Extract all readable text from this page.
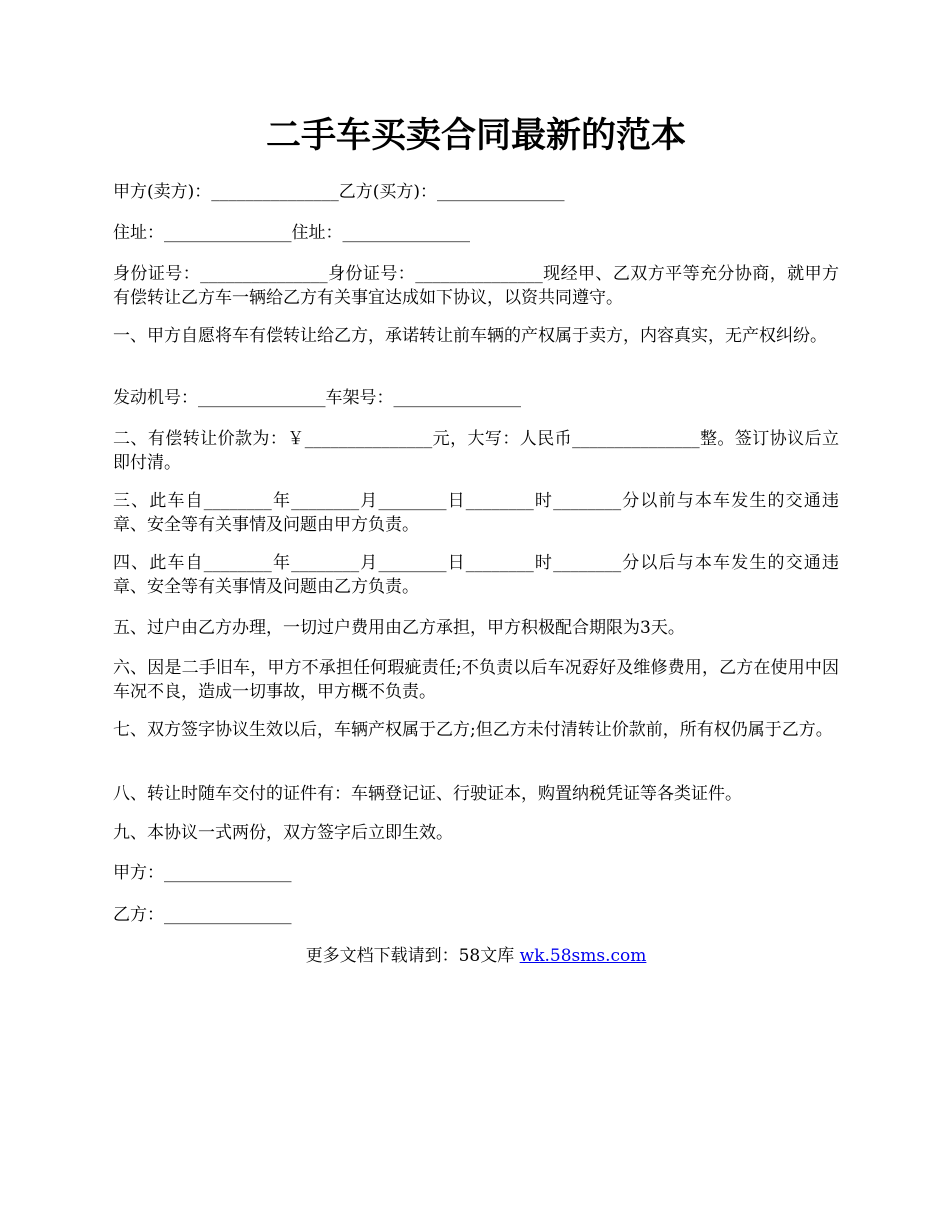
二手车买卖合同最新的范本
甲方(卖方)：_______________乙方(买方)：_______________
住址：_______________住址：_______________
身份证号：_______________身份证号：_______________现经甲、乙双方平等充分协商，就甲方有偿转让乙方车一辆给乙方有关事宜达成如下协议，以资共同遵守。
一、甲方自愿将车有偿转让给乙方，承诺转让前车辆的产权属于卖方，内容真实，无产权纠纷。
发动机号：_______________车架号：_______________
二、有偿转让价款为：￥_______________元，大写：人民币_______________整。签订协议后立即付清。
三、此车自________年________月________日________时________分以前与本车发生的交通违章、安全等有关事情及问题由甲方负责。
四、此车自________年________月________日________时________分以后与本车发生的交通违章、安全等有关事情及问题由乙方负责。
五、过户由乙方办理，一切过户费用由乙方承担，甲方积极配合期限为3天。
六、因是二手旧车，甲方不承担任何瑕疵责任;不负责以后车况孬好及维修费用，乙方在使用中因车况不良，造成一切事故，甲方概不负责。
七、双方签字协议生效以后，车辆产权属于乙方;但乙方未付清转让价款前，所有权仍属于乙方。
八、转让时随车交付的证件有：车辆登记证、行驶证本，购置纳税凭证等各类证件。
九、本协议一式两份，双方签字后立即生效。
甲方：_______________
乙方：_______________
更多文档下载请到：58文库 wk.58sms.com
